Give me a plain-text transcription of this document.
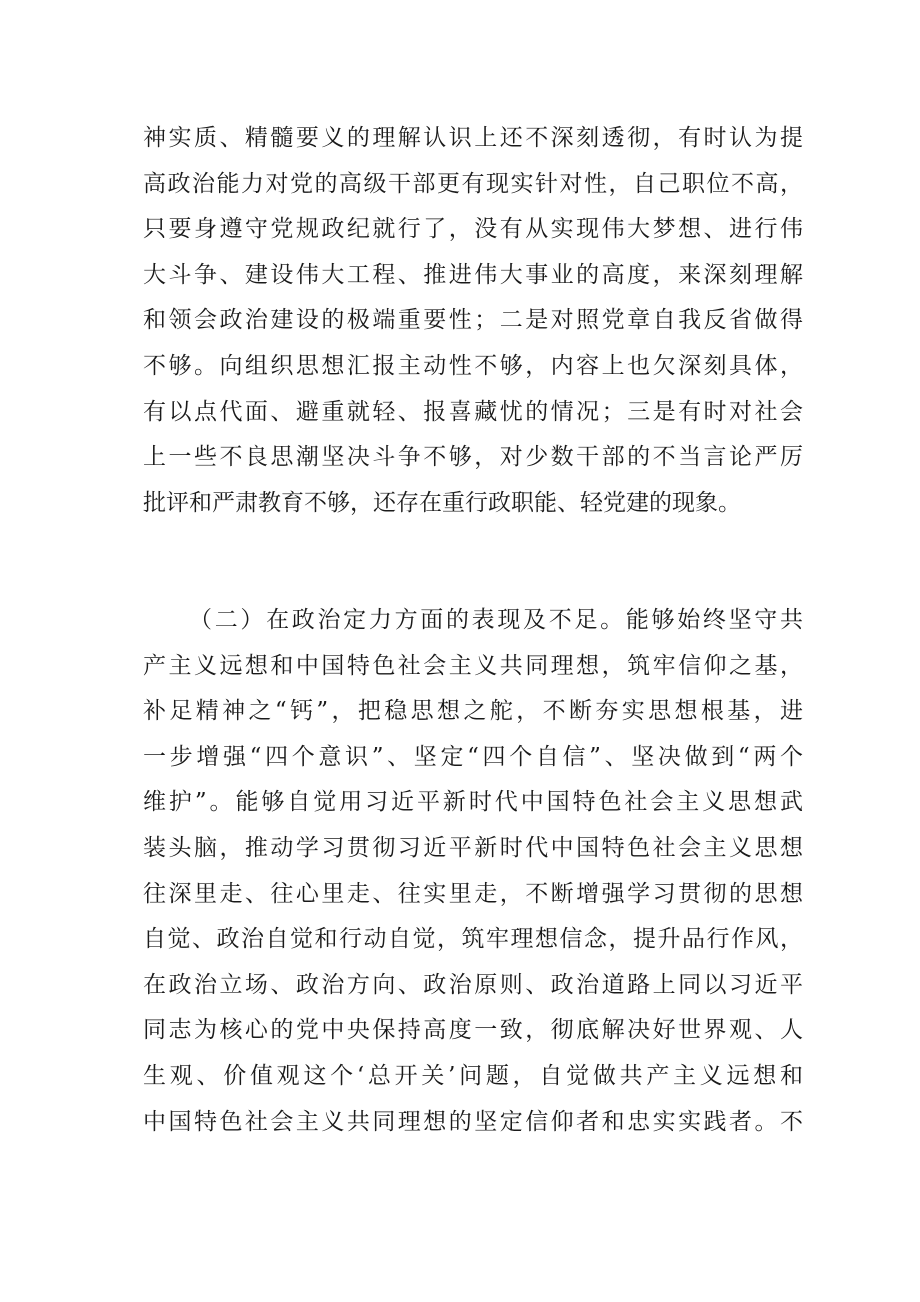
神实质、精髓要义的理解认识上还不深刻透彻，有时认为提
高政治能力对党的高级干部更有现实针对性，自己职位不高，
只要身遵守党规政纪就行了，没有从实现伟大梦想、进行伟
大斗争、建设伟大工程、推进伟大事业的高度，来深刻理解
和领会政治建设的极端重要性；二是对照党章自我反省做得
不够。向组织思想汇报主动性不够，内容上也欠深刻具体，
有以点代面、避重就轻、报喜藏忧的情况；三是有时对社会
上一些不良思潮坚决斗争不够，对少数干部的不当言论严厉
批评和严肃教育不够，还存在重行政职能、轻党建的现象。
（二）在政治定力方面的表现及不足。能够始终坚守共
产主义远想和中国特色社会主义共同理想，筑牢信仰之基，
补足精神之“钙”，把稳思想之舵，不断夯实思想根基，进
一步增强“四个意识”、坚定“四个自信”、坚决做到“两个
维护”。能够自觉用习近平新时代中国特色社会主义思想武
装头脑，推动学习贯彻习近平新时代中国特色社会主义思想
往深里走、往心里走、往实里走，不断增强学习贯彻的思想
自觉、政治自觉和行动自觉，筑牢理想信念，提升品行作风，
在政治立场、政治方向、政治原则、政治道路上同以习近平
同志为核心的党中央保持高度一致，彻底解决好世界观、人
生观、价值观这个‘总开关’问题，自觉做共产主义远想和
中国特色社会主义共同理想的坚定信仰者和忠实实践者。不
